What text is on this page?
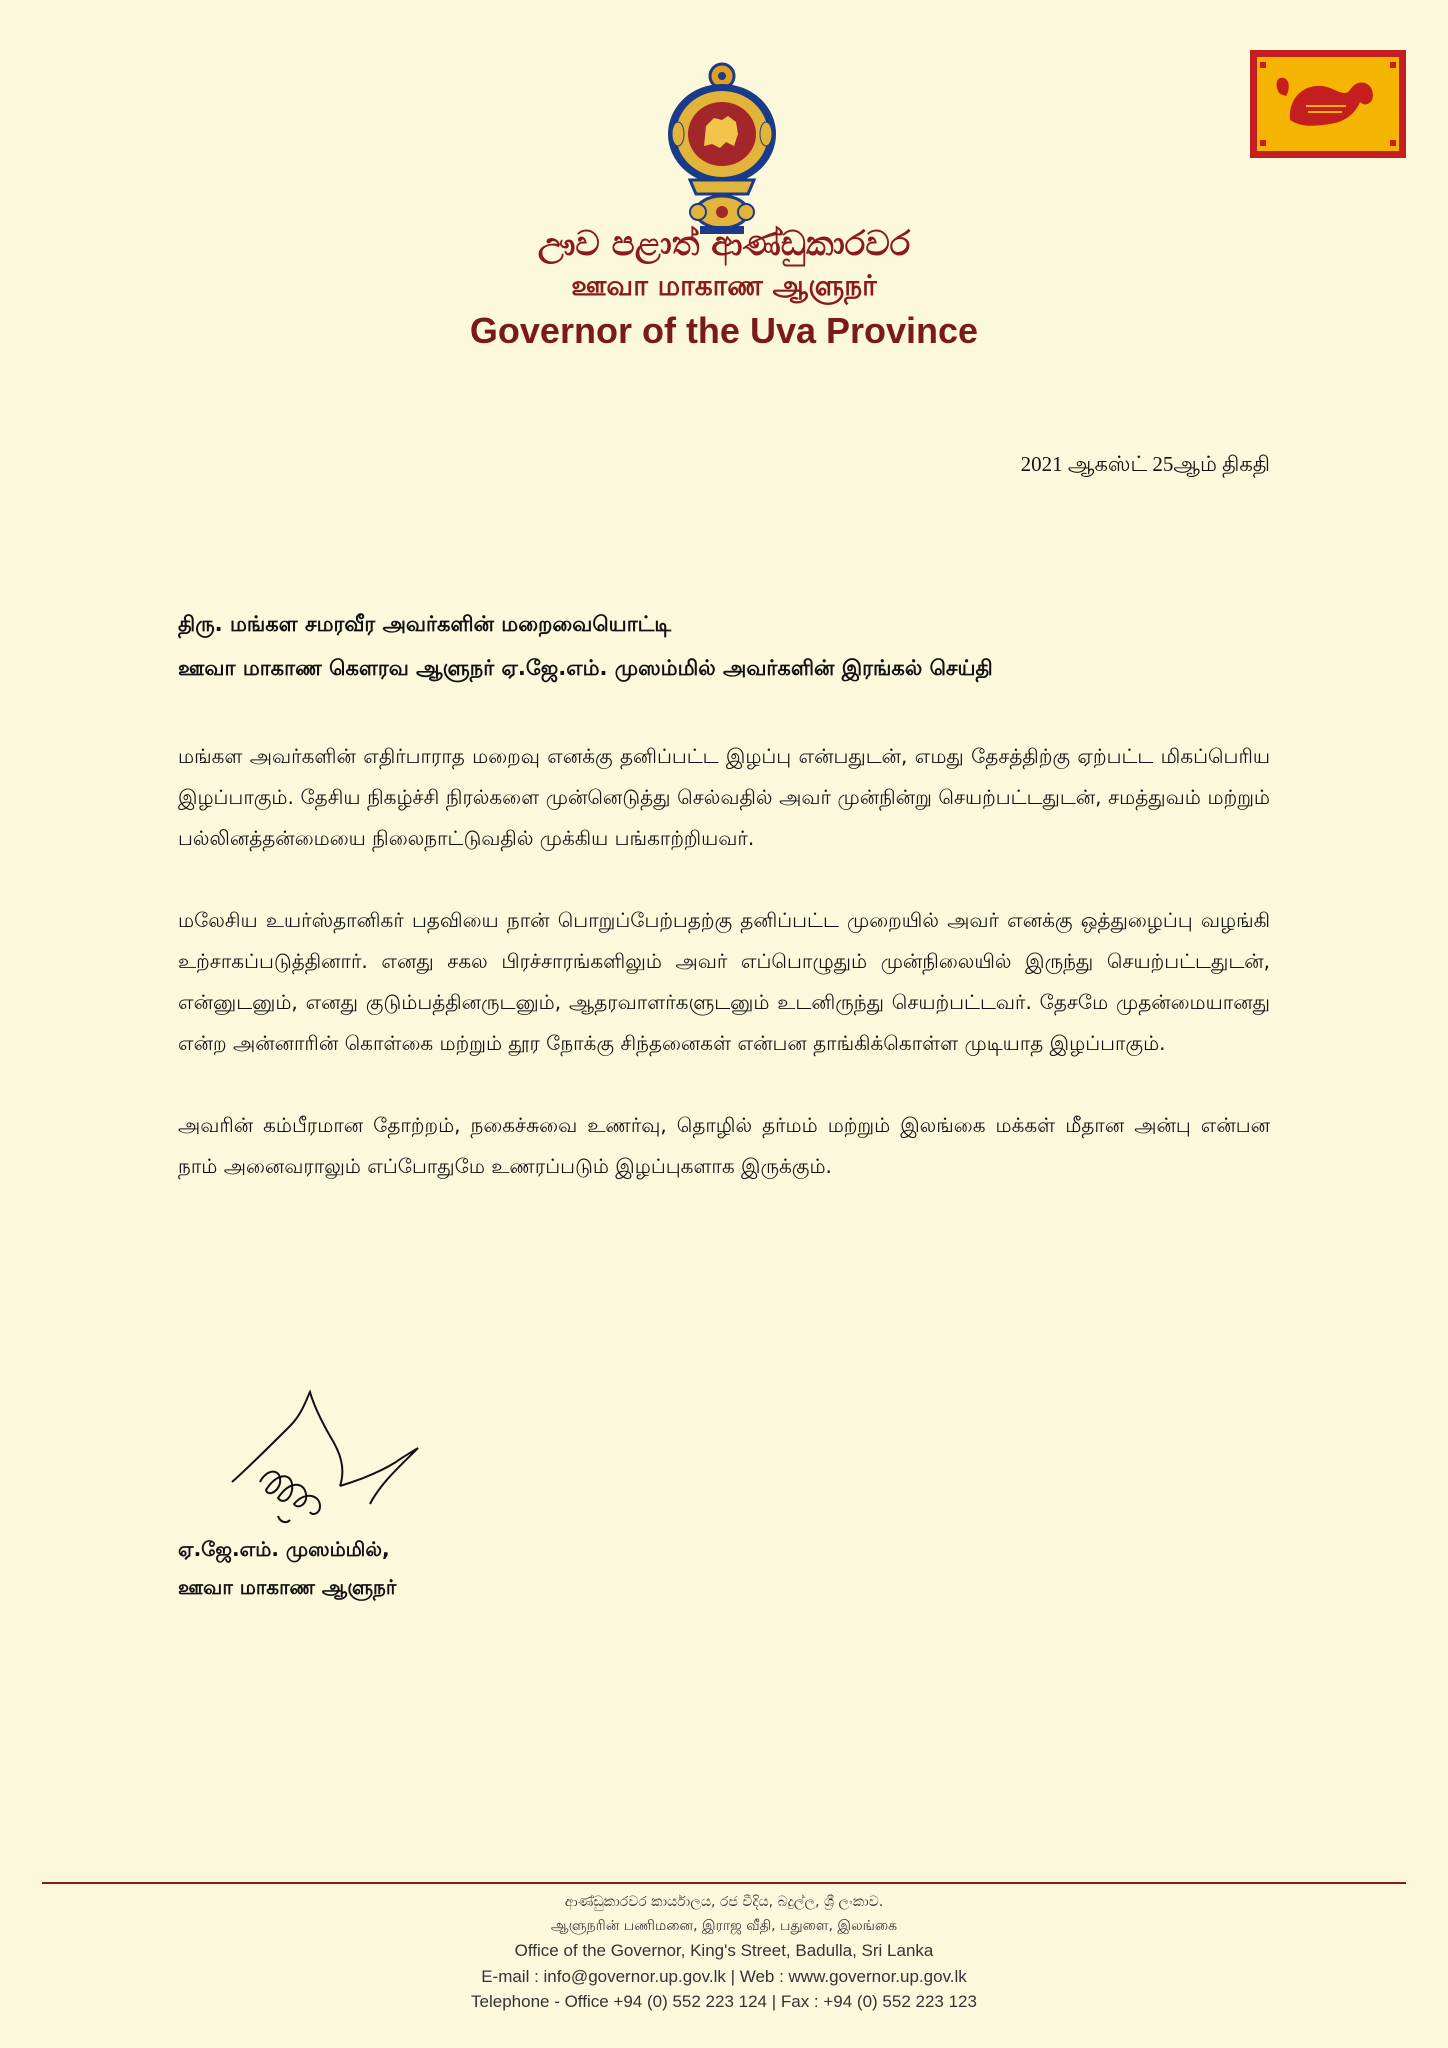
ඌව පළාත් ආණ්ඩුකාරවර

ஊவா மாகாண ஆளுநர்

Governor of the Uva Province

2021 ஆகஸ்ட் 25ஆம் திகதி
திரு. மங்கள சமரவீர அவர்களின் மறைவையொட்டி
ஊவா மாகாண கௌரவ ஆளுநர் ஏ.ஜே.எம். முஸம்மில் அவர்களின் இரங்கல் செய்தி

மங்கள அவர்களின் எதிர்பாராத மறைவு எனக்கு தனிப்பட்ட இழப்பு என்பதுடன், எமது தேசத்திற்கு ஏற்பட்ட மிகப்பெரிய இழப்பாகும். தேசிய நிகழ்ச்சி நிரல்களை முன்னெடுத்து செல்வதில் அவர் முன்நின்று செயற்பட்டதுடன், சமத்துவம் மற்றும் பல்லினத்தன்மையை நிலைநாட்டுவதில் முக்கிய பங்காற்றியவர்.

மலேசிய உயர்ஸ்தானிகர் பதவியை நான் பொறுப்பேற்பதற்கு தனிப்பட்ட முறையில் அவர் எனக்கு ஒத்துழைப்பு வழங்கி உற்சாகப்படுத்தினார். எனது சகல பிரச்சாரங்களிலும் அவர் எப்பொழுதும் முன்நிலையில் இருந்து செயற்பட்டதுடன், என்னுடனும், எனது குடும்பத்தினருடனும், ஆதரவாளர்களுடனும் உடனிருந்து செயற்பட்டவர். தேசமே முதன்மையானது என்ற அன்னாரின் கொள்கை மற்றும் தூர நோக்கு சிந்தனைகள் என்பன தாங்கிக்கொள்ள முடியாத இழப்பாகும்.

அவரின் கம்பீரமான தோற்றம், நகைச்சுவை உணர்வு, தொழில் தர்மம் மற்றும் இலங்கை மக்கள் மீதான அன்பு என்பன நாம் அனைவராலும் எப்போதுமே உணரப்படும் இழப்புகளாக இருக்கும்.

ஏ.ஜே.எம். முஸம்மில்,
ஊவா மாகாண ஆளுநர்
ආණ්ඩුකාරවර කාර්යාලය, රජ වීදිය, බදුල්ල, ශ්‍රී ලංකාව.
ஆளுநரின் பணிமனை, இராஜ வீதி, பதுளை, இலங்கை
Office of the Governor, King's Street, Badulla, Sri Lanka
E-mail : info@governor.up.gov.lk | Web : www.governor.up.gov.lk
Telephone - Office +94 (0) 552 223 124 | Fax : +94 (0) 552 223 123
